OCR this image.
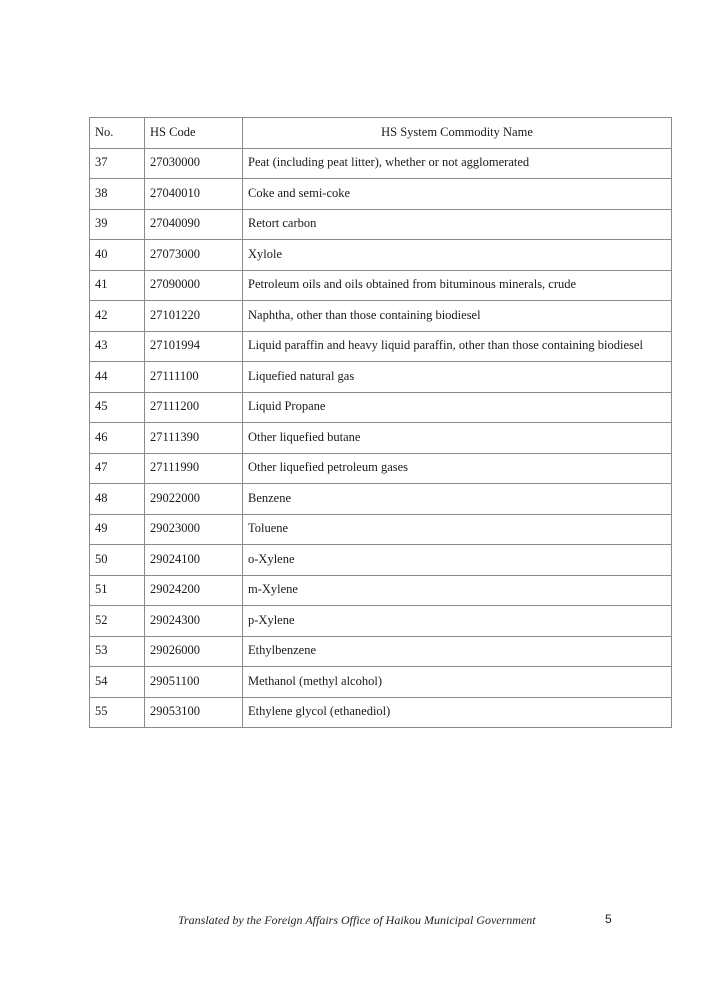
No.	HS Code	HS System Commodity Name
37	27030000	Peat (including peat litter), whether or not agglomerated
38	27040010	Coke and semi-coke
39	27040090	Retort carbon
40	27073000	Xylole
41	27090000	Petroleum oils and oils obtained from bituminous minerals, crude
42	27101220	Naphtha, other than those containing biodiesel
43	27101994	Liquid paraffin and heavy liquid paraffin, other than those containing biodiesel
44	27111100	Liquefied natural gas
45	27111200	Liquid Propane
46	27111390	Other liquefied butane
47	27111990	Other liquefied petroleum gases
48	29022000	Benzene
49	29023000	Toluene
50	29024100	o-Xylene
51	29024200	m-Xylene
52	29024300	p-Xylene
53	29026000	Ethylbenzene
54	29051100	Methanol (methyl alcohol)
55	29053100	Ethylene glycol (ethanediol)
Translated by the Foreign Affairs Office of Haikou Municipal Government	5
